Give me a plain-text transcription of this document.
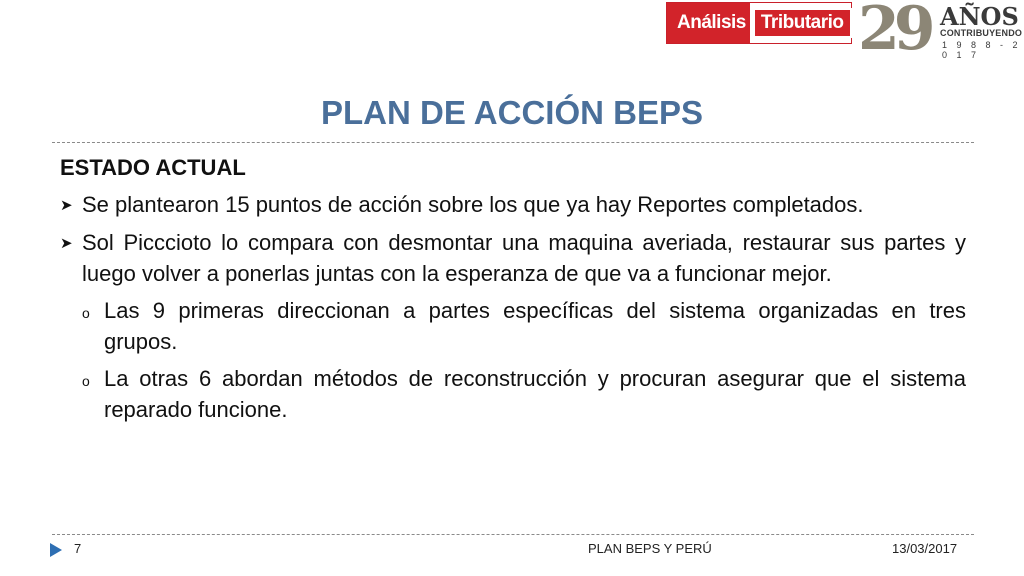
Análisis Tributario 29 AÑOS
CONTRIBUYENDO
1 9 8 8 - 2 0 1 7
PLAN DE ACCIÓN BEPS
ESTADO ACTUAL
➤ Se plantearon 15 puntos de acción sobre los que ya hay Reportes completados.
➤ Sol Picccioto lo compara con desmontar una maquina averiada, restaurar sus partes y luego volver a ponerlas juntas con la esperanza de que va a funcionar mejor.
o Las 9 primeras direccionan a partes específicas del sistema organizadas en tres grupos.
o La otras 6 abordan métodos de reconstrucción y procuran asegurar que el sistema reparado funcione.
7	PLAN BEPS Y PERÚ	13/03/2017
